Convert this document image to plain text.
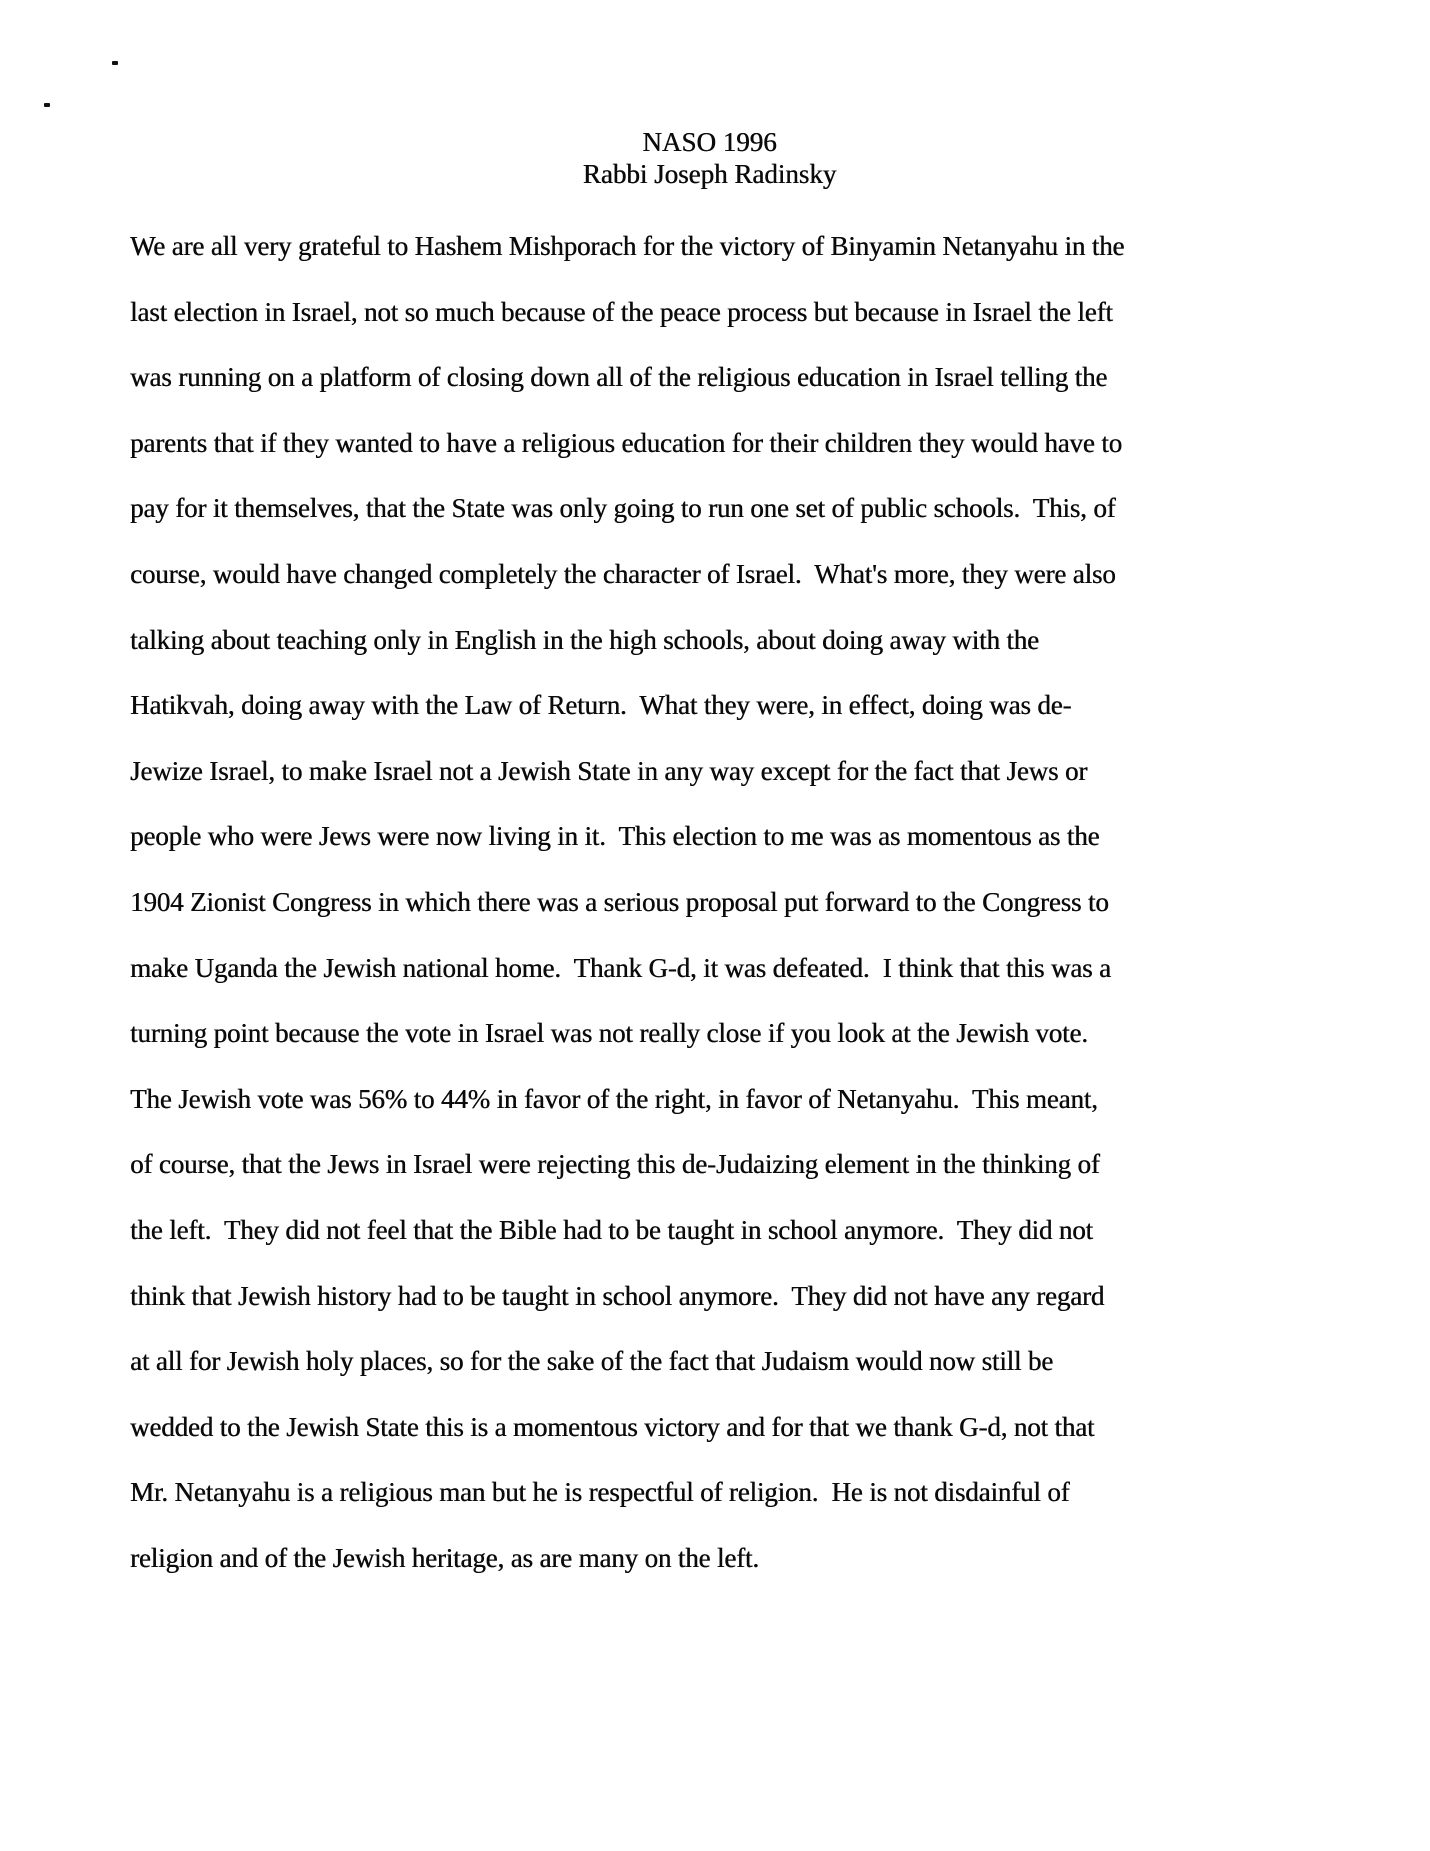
NASO 1996
Rabbi Joseph Radinsky
We are all very grateful to Hashem Mishporach for the victory of Binyamin Netanyahu in the
last election in Israel, not so much because of the peace process but because in Israel the left
was running on a platform of closing down all of the religious education in Israel telling the
parents that if they wanted to have a religious education for their children they would have to
pay for it themselves, that the State was only going to run one set of public schools.  This, of
course, would have changed completely the character of Israel.  What's more, they were also
talking about teaching only in English in the high schools, about doing away with the
Hatikvah, doing away with the Law of Return.  What they were, in effect, doing was de-
Jewize Israel, to make Israel not a Jewish State in any way except for the fact that Jews or
people who were Jews were now living in it.  This election to me was as momentous as the
1904 Zionist Congress in which there was a serious proposal put forward to the Congress to
make Uganda the Jewish national home.  Thank G-d, it was defeated.  I think that this was a
turning point because the vote in Israel was not really close if you look at the Jewish vote.
The Jewish vote was 56% to 44% in favor of the right, in favor of Netanyahu.  This meant,
of course, that the Jews in Israel were rejecting this de-Judaizing element in the thinking of
the left.  They did not feel that the Bible had to be taught in school anymore.  They did not
think that Jewish history had to be taught in school anymore.  They did not have any regard
at all for Jewish holy places, so for the sake of the fact that Judaism would now still be
wedded to the Jewish State this is a momentous victory and for that we thank G-d, not that
Mr. Netanyahu is a religious man but he is respectful of religion.  He is not disdainful of
religion and of the Jewish heritage, as are many on the left.
